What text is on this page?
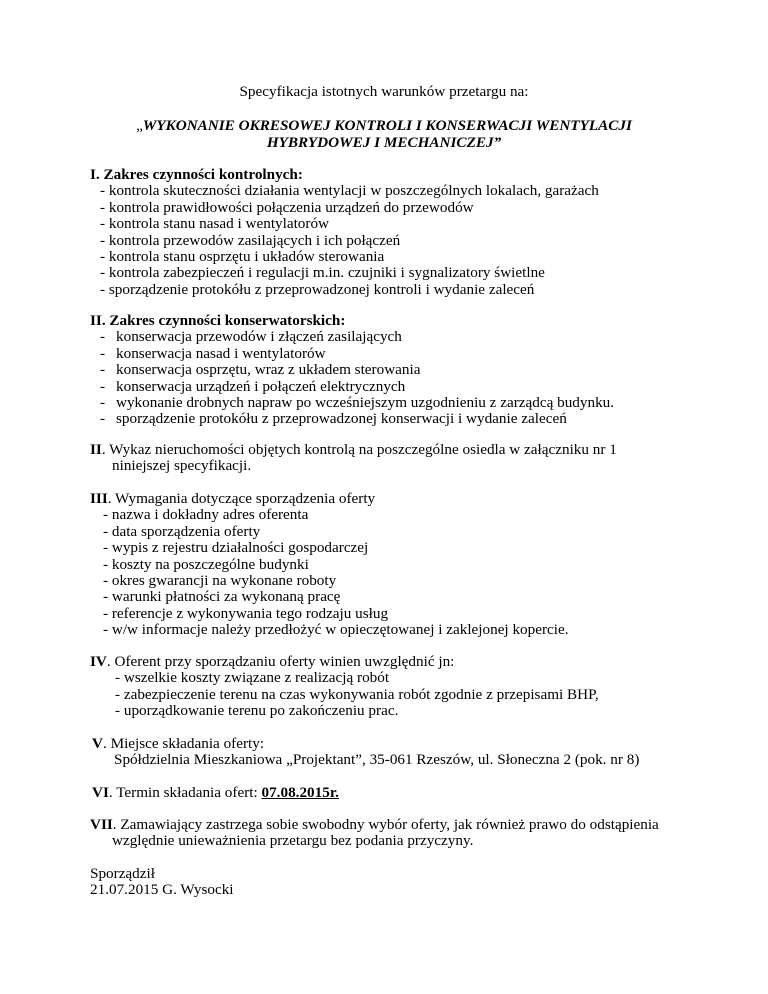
Specyfikacja istotnych warunków przetargu na:
„WYKONANIE OKRESOWEJ KONTROLI I KONSERWACJI WENTYLACJI
HYBRYDOWEJ I MECHANICZEJ”
I. Zakres czynności kontrolnych:
- kontrola skuteczności działania wentylacji w poszczególnych lokalach, garażach
- kontrola prawidłowości połączenia urządzeń do przewodów
- kontrola stanu nasad i wentylatorów
- kontrola przewodów zasilających i ich połączeń
- kontrola stanu osprzętu i układów sterowania
- kontrola zabezpieczeń i regulacji m.in. czujniki i sygnalizatory świetlne
- sporządzenie protokółu z przeprowadzonej kontroli i wydanie zaleceń
II. Zakres czynności konserwatorskich:
- konserwacja przewodów i złączeń zasilających
- konserwacja nasad i wentylatorów
- konserwacja osprzętu, wraz z układem sterowania
- konserwacja urządzeń i połączeń elektrycznych
- wykonanie drobnych napraw po wcześniejszym uzgodnieniu z zarządcą budynku.
- sporządzenie protokółu z przeprowadzonej konserwacji i wydanie zaleceń
II. Wykaz nieruchomości objętych kontrolą na poszczególne osiedla w załączniku nr 1
niniejszej specyfikacji.
III. Wymagania dotyczące sporządzenia oferty
- nazwa i dokładny adres oferenta
- data sporządzenia oferty
- wypis z rejestru działalności gospodarczej
- koszty na poszczególne budynki
- okres gwarancji na wykonane roboty
- warunki płatności za wykonaną pracę
- referencje z wykonywania tego rodzaju usług
- w/w informacje należy przedłożyć w opieczętowanej i zaklejonej kopercie.
IV. Oferent przy sporządzaniu oferty winien uwzględnić jn:
- wszelkie koszty związane z realizacją robót
- zabezpieczenie terenu na czas wykonywania robót zgodnie z przepisami BHP,
- uporządkowanie terenu po zakończeniu prac.
V. Miejsce składania oferty:
Spółdzielnia Mieszkaniowa „Projektant”, 35-061 Rzeszów, ul. Słoneczna 2 (pok. nr 8)
VI. Termin składania ofert: 07.08.2015r.
VII. Zamawiający zastrzega sobie swobodny wybór oferty, jak również prawo do odstąpienia
względnie unieważnienia przetargu bez podania przyczyny.
Sporządził
21.07.2015 G. Wysocki
